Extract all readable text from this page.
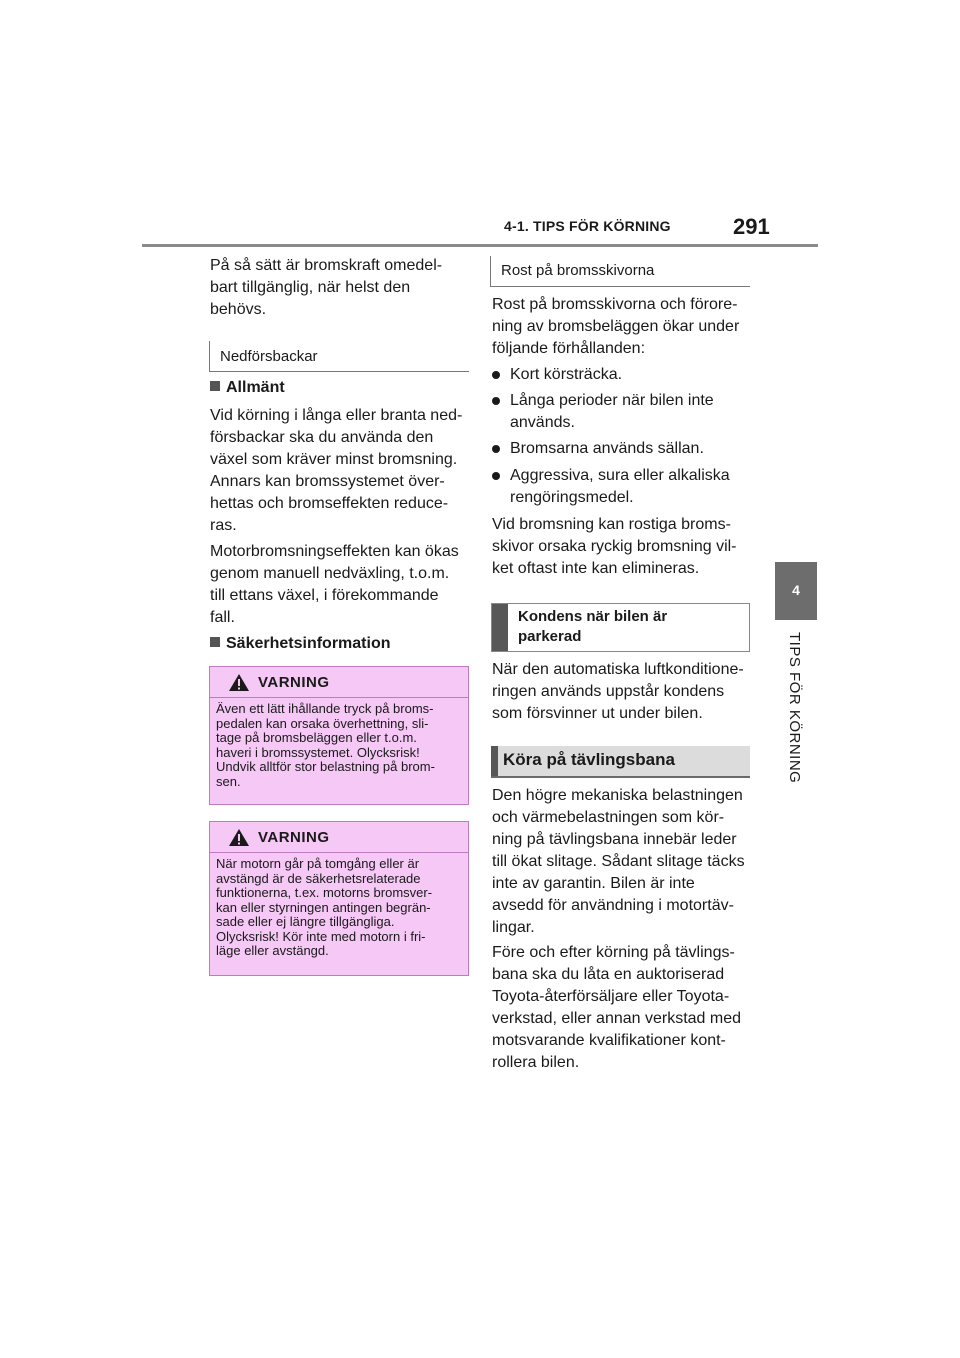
4-1. TIPS FÖR KÖRNING	291
4
TIPS FÖR KÖRNING
På så sätt är bromskraft omedel-
bart tillgänglig, när helst den
behövs.
Nedförsbackar
Allmänt
Vid körning i långa eller branta ned-
försbackar ska du använda den
växel som kräver minst bromsning.
Annars kan bromssystemet över-
hettas och bromseffekten reduce-
ras.
Motorbromsningseffekten kan ökas
genom manuell nedväxling, t.o.m.
till ettans växel, i förekommande
fall.
Säkerhetsinformation
VARNING
Även ett lätt ihållande tryck på broms-
pedalen kan orsaka överhettning, sli-
tage på bromsbeläggen eller t.o.m.
haveri i bromssystemet. Olycksrisk!
Undvik alltför stor belastning på brom-
sen.
VARNING
När motorn går på tomgång eller är
avstängd är de säkerhetsrelaterade
funktionerna, t.ex. motorns bromsver-
kan eller styrningen antingen begrän-
sade eller ej längre tillgängliga.
Olycksrisk! Kör inte med motorn i fri-
läge eller avstängd.
Rost på bromsskivorna
Rost på bromsskivorna och förore-
ning av bromsbeläggen ökar under
följande förhållanden:
Kort körsträcka.
Långa perioder när bilen inte
används.
Bromsarna används sällan.
Aggressiva, sura eller alkaliska
rengöringsmedel.
Vid bromsning kan rostiga broms-
skivor orsaka ryckig bromsning vil-
ket oftast inte kan elimineras.
Kondens när bilen är
parkerad
När den automatiska luftkonditione-
ringen används uppstår kondens
som försvinner ut under bilen.
Köra på tävlingsbana
Den högre mekaniska belastningen
och värmebelastningen som kör-
ning på tävlingsbana innebär leder
till ökat slitage. Sådant slitage täcks
inte av garantin. Bilen är inte
avsedd för användning i motortäv-
lingar.
Före och efter körning på tävlings-
bana ska du låta en auktoriserad
Toyota-återförsäljare eller Toyota-
verkstad, eller annan verkstad med
motsvarande kvalifikationer kont-
rollera bilen.
